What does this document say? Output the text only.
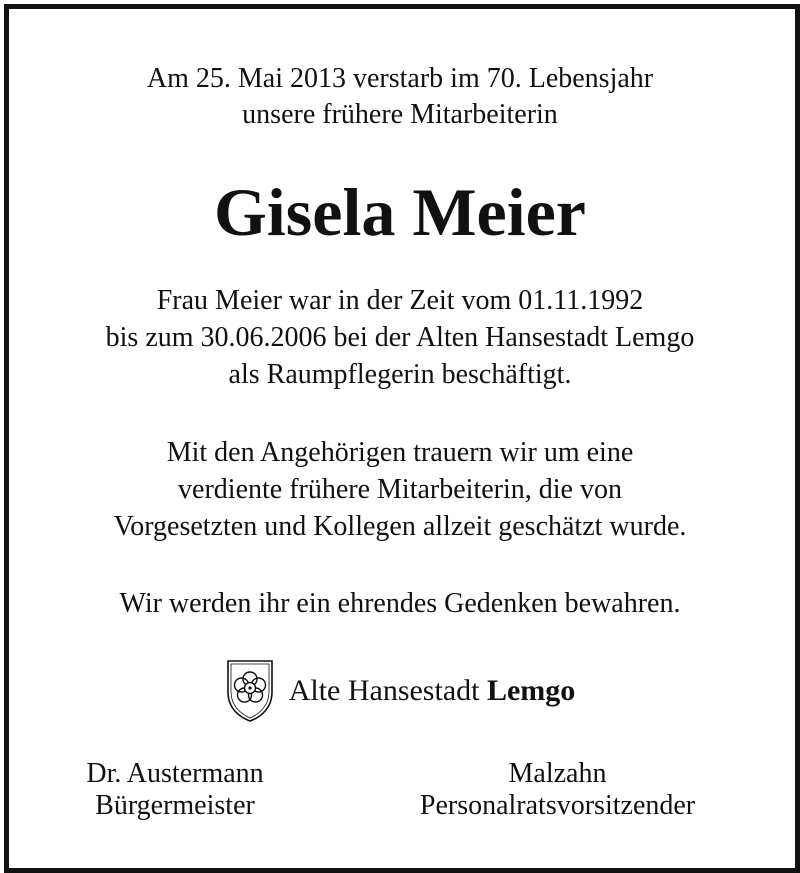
Am 25. Mai 2013 verstarb im 70. Lebensjahr
unsere frühere Mitarbeiterin
Gisela Meier
Frau Meier war in der Zeit vom 01.11.1992
bis zum 30.06.2006 bei der Alten Hansestadt Lemgo
als Raumpflegerin beschäftigt.
Mit den Angehörigen trauern wir um eine
verdiente frühere Mitarbeiterin, die von
Vorgesetzten und Kollegen allzeit geschätzt wurde.
Wir werden ihr ein ehrendes Gedenken bewahren.
Alte Hansestadt Lemgo
Dr. Austermann
Bürgermeister
Malzahn
Personalratsvorsitzender
